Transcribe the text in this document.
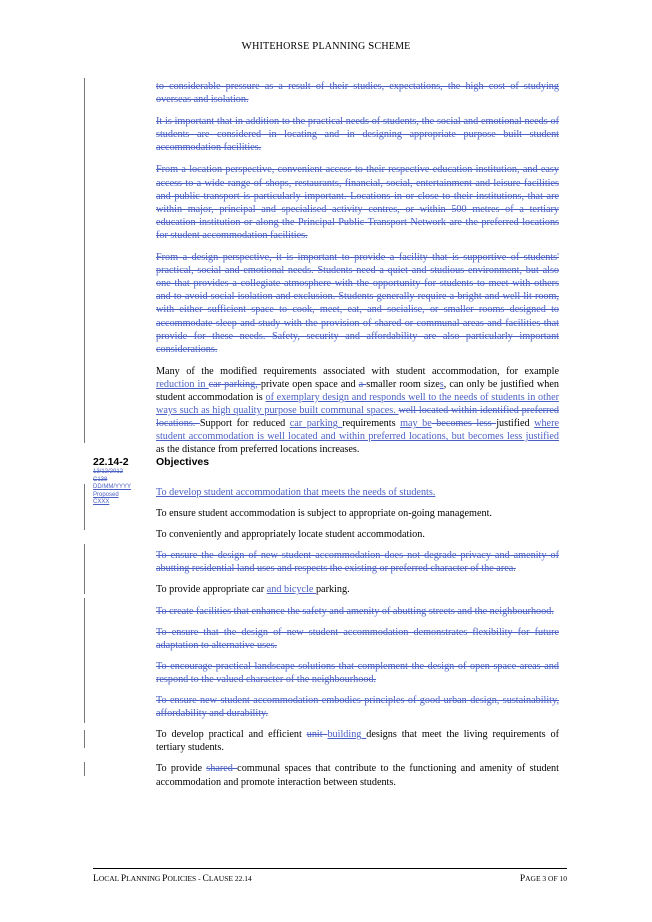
WHITEHORSE PLANNING SCHEME

to considerable pressure as a result of their studies, expectations, the high cost of studying overseas and isolation.

It is important that in addition to the practical needs of students, the social and emotional needs of students are considered in locating and in designing appropriate purpose built student accommodation facilities.

From a location perspective, convenient access to their respective education institution, and easy access to a wide range of shops, restaurants, financial, social, entertainment and leisure facilities and public transport is particularly important. Locations in or close to their institutions, that are within major, principal and specialised activity centres, or within 500 metres of a tertiary education institution or along the Principal Public Transport Network are the preferred locations for student accommodation facilities.

From a design perspective, it is important to provide a facility that is supportive of students' practical, social and emotional needs. Students need a quiet and studious environment, but also one that provides a collegiate atmosphere with the opportunity for students to meet with others and to avoid social isolation and exclusion. Students generally require a bright and well lit room, with either sufficient space to cook, meet, eat, and socialise, or smaller rooms designed to accommodate sleep and study with the provision of shared or communal areas and facilities that provide for these needs. Safety, security and affordability are also particularly important considerations.

Many of the modified requirements associated with student accommodation, for example reduction in car parking, private open space and a smaller room sizes, can only be justified when student accommodation is of exemplary design and responds well to the needs of students in other ways such as high quality purpose built communal spaces. well located within identified preferred locations. Support for reduced car parking requirements may be becomes less justified where student accommodation is well located and within preferred locations, but becomes less justified as the distance from preferred locations increases.

22.14-2	Objectives
13/12/2012
C138
DD/MM/YYYY
Proposed
CXXX

To develop student accommodation that meets the needs of students.

To ensure student accommodation is subject to appropriate on-going management.

To conveniently and appropriately locate student accommodation.

To ensure the design of new student accommodation does not degrade privacy and amenity of abutting residential land uses and respects the existing or preferred character of the area.

To provide appropriate car and bicycle parking.

To create facilities that enhance the safety and amenity of abutting streets and the neighbourhood.

To ensure that the design of new student accommodation demonstrates flexibility for future adaptation to alternative uses.

To encourage practical landscape solutions that complement the design of open space areas and respond to the valued character of the neighbourhood.

To ensure new student accommodation embodies principles of good urban design, sustainability, affordability and durability.

To develop practical and efficient unit building designs that meet the living requirements of tertiary students.

To provide shared communal spaces that contribute to the functioning and amenity of student accommodation and promote interaction between students.

LOCAL PLANNING POLICIES - CLAUSE 22.14	PAGE 3 OF 10
